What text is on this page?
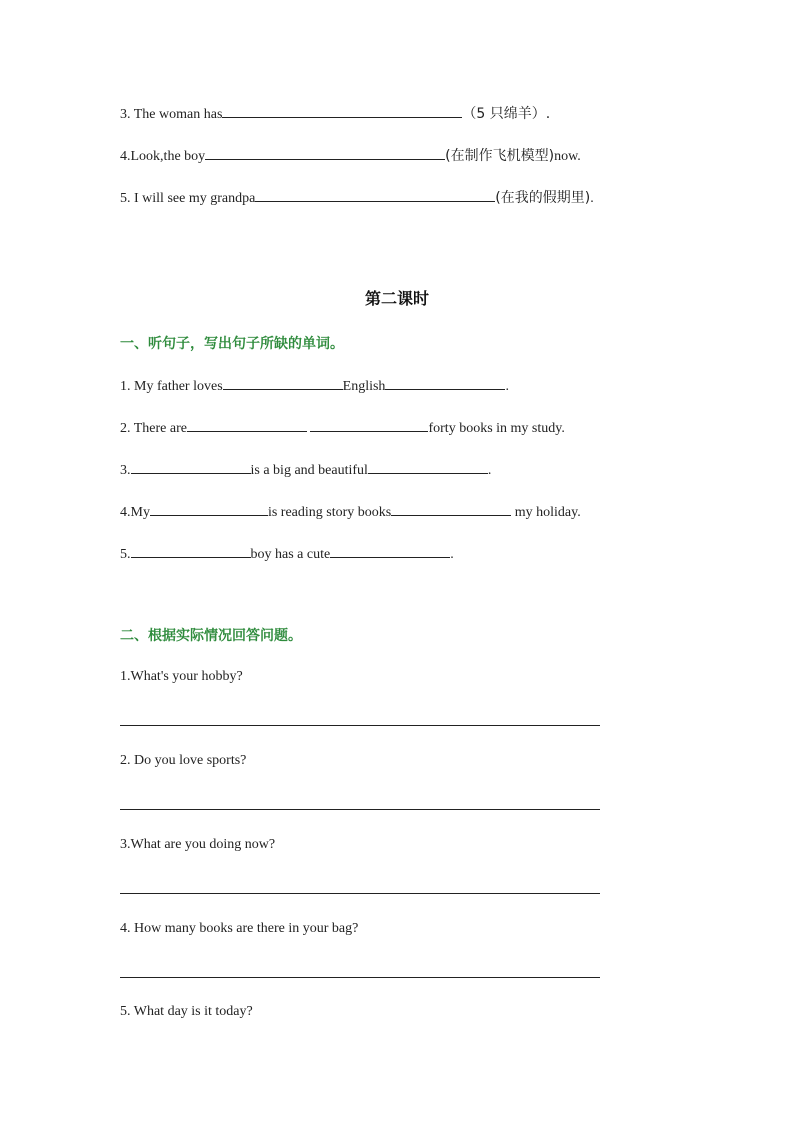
3. The woman has	（5 只绵羊）.
4.Look,the boy	(在制作飞机模型)now.
5. I will see my grandpa	(在我的假期里).
第二课时
一、听句子，写出句子所缺的单词。
1. My father loves	English	.
2. There are	forty books in my study.
3.	is a big and beautiful	.
4.My	is reading story books	my holiday.
5.	boy has a cute	.
二、根据实际情况回答问题。
1.What's your hobby?
2. Do you love sports?
3.What are you doing now?
4. How many books are there in your bag?
5. What day is it today?
